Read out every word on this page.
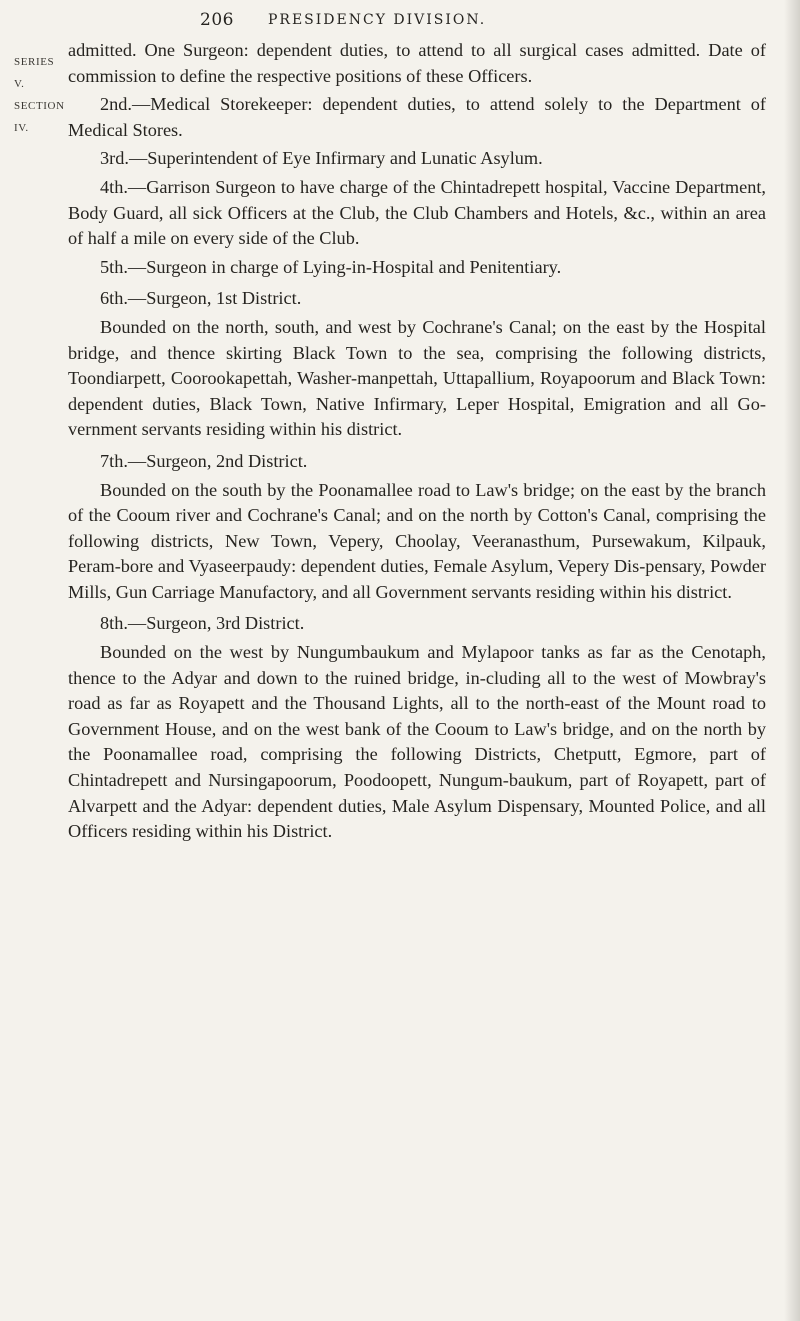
206 PRESIDENCY DIVISION.
SERIES V.
SECTION IV.

admitted. One Surgeon: dependent duties, to attend to all surgical cases admitted. Date of commission to define the respective positions of these Officers.

2nd.—Medical Storekeeper: dependent duties, to attend solely to the Department of Medical Stores.

3rd.—Superintendent of Eye Infirmary and Lunatic Asylum.

4th.—Garrison Surgeon to have charge of the Chintadrepett hospital, Vaccine Department, Body Guard, all sick Officers at the Club, the Club Chambers and Hotels, &c., within an area of half a mile on every side of the Club.

5th.—Surgeon in charge of Lying-in-Hospital and Penitentiary.

6th.—Surgeon, 1st District.

Bounded on the north, south, and west by Cochrane's Canal; on the east by the Hospital bridge, and thence skirting Black Town to the sea, comprising the following districts, Toondiarpett, Coorookapettah, Washer-manpettah, Uttapallium, Royapoorum and Black Town: dependent duties, Black Town, Native Infirmary, Leper Hospital, Emigration and all Go-vernment servants residing within his district.

7th.—Surgeon, 2nd District.

Bounded on the south by the Poonamallee road to Law's bridge; on the east by the branch of the Cooum river and Cochrane's Canal; and on the north by Cotton's Canal, comprising the following districts, New Town, Vepery, Choolay, Veeranasthum, Pursewakum, Kilpauk, Peram-bore and Vyaseerpaudy: dependent duties, Female Asylum, Vepery Dis-pensary, Powder Mills, Gun Carriage Manufactory, and all Government servants residing within his district.

8th.—Surgeon, 3rd District.

Bounded on the west by Nungumbaukum and Mylapoor tanks as far as the Cenotaph, thence to the Adyar and down to the ruined bridge, in-cluding all to the west of Mowbray's road as far as Royapett and the Thousand Lights, all to the north-east of the Mount road to Government House, and on the west bank of the Cooum to Law's bridge, and on the north by the Poonamallee road, comprising the following Districts, Chetputt, Egmore, part of Chintadrepett and Nursingapoorum, Poodoopett, Nungum-baukum, part of Royapett, part of Alvarpett and the Adyar: dependent duties, Male Asylum Dispensary, Mounted Police, and all Officers residing within his District.
